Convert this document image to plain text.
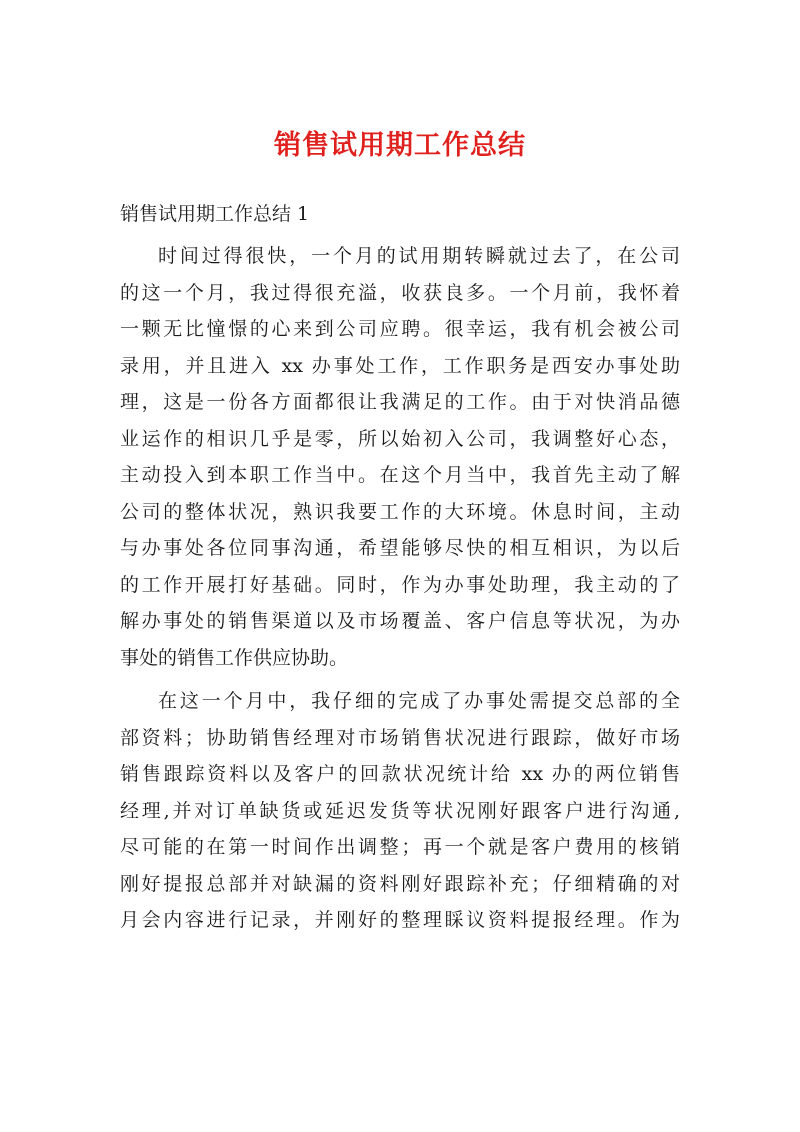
销售试用期工作总结
销售试用期工作总结 1
时间过得很快，一个月的试用期转瞬就过去了，在公司
的这一个月，我过得很充溢，收获良多。一个月前，我怀着
一颗无比憧憬的心来到公司应聘。很幸运，我有机会被公司
录用，并且进入 xx 办事处工作，工作职务是西安办事处助
理，这是一份各方面都很让我满足的工作。由于对快消品德
业运作的相识几乎是零，所以始初入公司，我调整好心态，
主动投入到本职工作当中。在这个月当中，我首先主动了解
公司的整体状况，熟识我要工作的大环境。休息时间，主动
与办事处各位同事沟通，希望能够尽快的相互相识，为以后
的工作开展打好基础。同时，作为办事处助理，我主动的了
解办事处的销售渠道以及市场覆盖、客户信息等状况，为办
事处的销售工作供应协助。
在这一个月中，我仔细的完成了办事处需提交总部的全
部资料；协助销售经理对市场销售状况进行跟踪，做好市场
销售跟踪资料以及客户的回款状况统计给 xx 办的两位销售
经理,并对订单缺货或延迟发货等状况刚好跟客户进行沟通,
尽可能的在第一时间作出调整；再一个就是客户费用的核销
刚好提报总部并对缺漏的资料刚好跟踪补充；仔细精确的对
月会内容进行记录，并刚好的整理睬议资料提报经理。作为
